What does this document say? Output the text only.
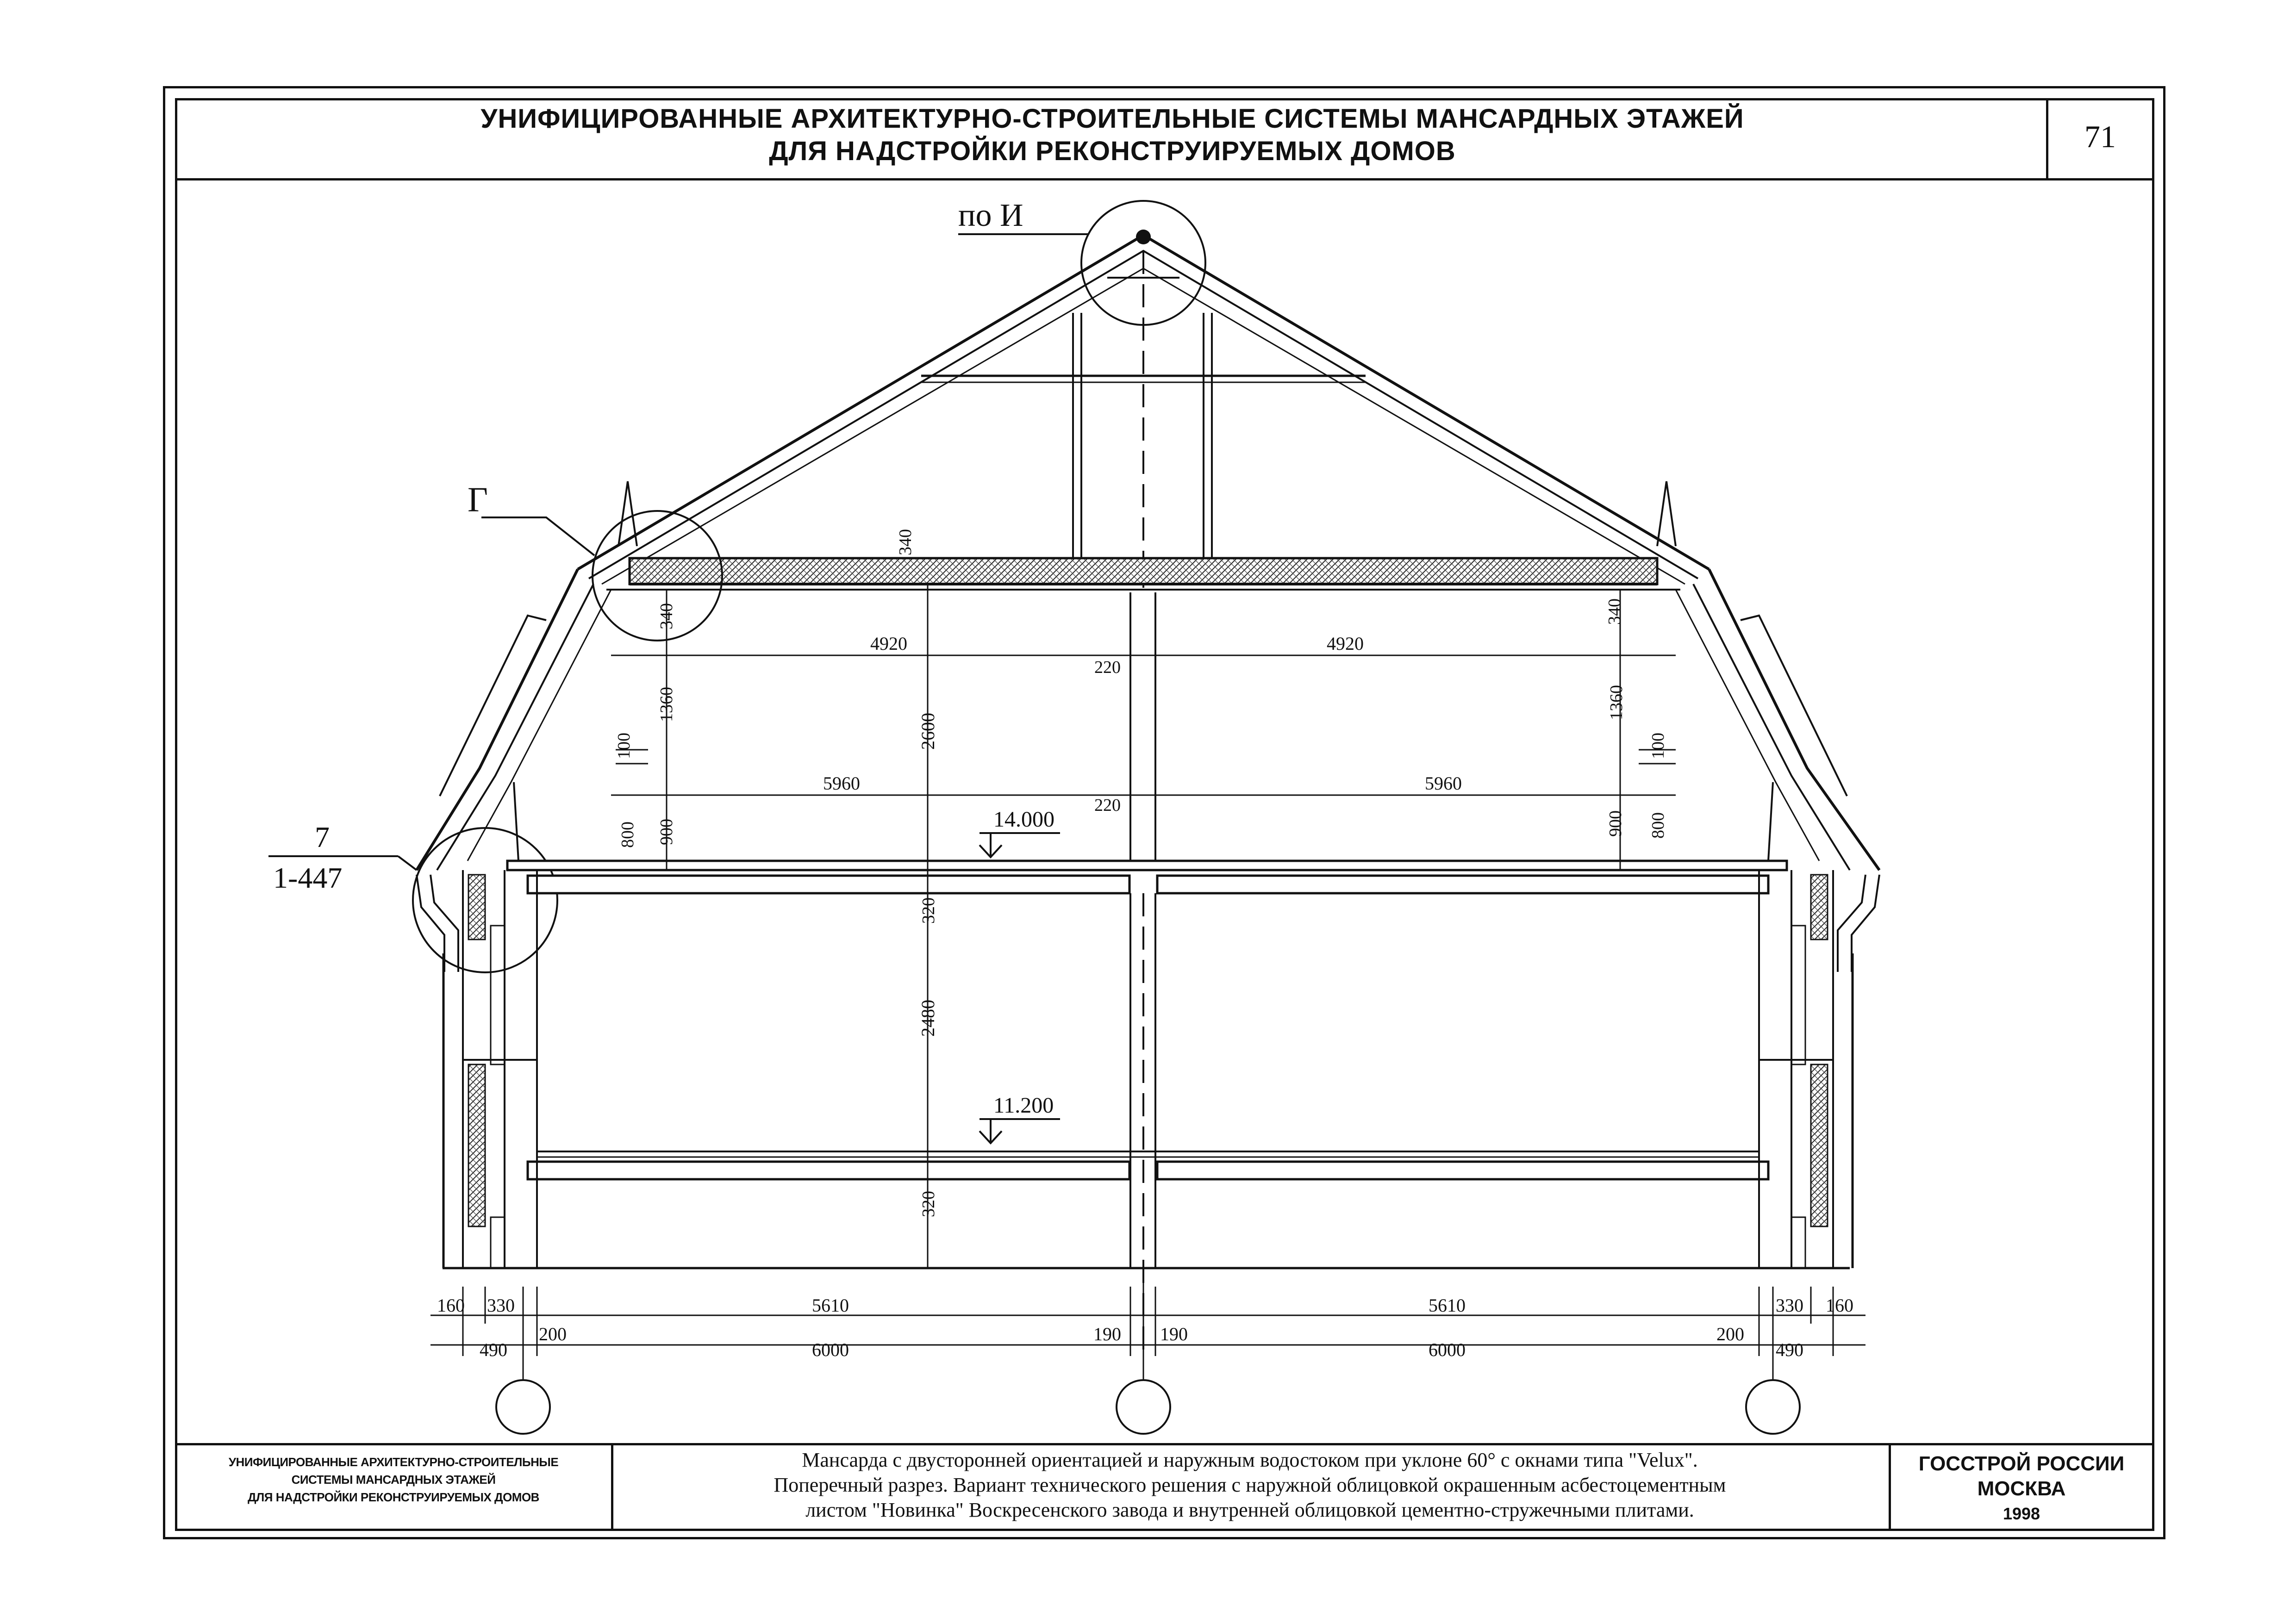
УНИФИЦИРОВАННЫЕ АРХИТЕКТУРНО-СТРОИТЕЛЬНЫЕ СИСТЕМЫ МАНСАРДНЫХ ЭТАЖЕЙ
ДЛЯ НАДСТРОЙКИ РЕКОНСТРУИРУЕМЫХ ДОМОВ	71
по И
Г
7
1-447
14.000
11.200
340
340	340
1360	1360
100	100
900	900
800	800
4920	4920
220
2600
5960
220
5960
320
2480
320
160 330	5610	5610	330 160
490
200
6000
190 190
6000
200
490
УНИФИЦИРОВАННЫЕ АРХИТЕКТУРНО-СТРОИТЕЛЬНЫЕ
СИСТЕМЫ МАНСАРДНЫХ ЭТАЖЕЙ
ДЛЯ НАДСТРОЙКИ РЕКОНСТРУИРУЕМЫХ ДОМОВ
Мансарда с двусторонней ориентацией и наружным водостоком при уклоне 60° с окнами типа "Velux".
Поперечный разрез. Вариант технического решения с наружной облицовкой окрашенным асбестоцементным
листом "Новинка" Воскресенского завода и внутренней облицовкой цементно-стружечными плитами.
ГОССТРОЙ РОССИИ
МОСКВА
1998
